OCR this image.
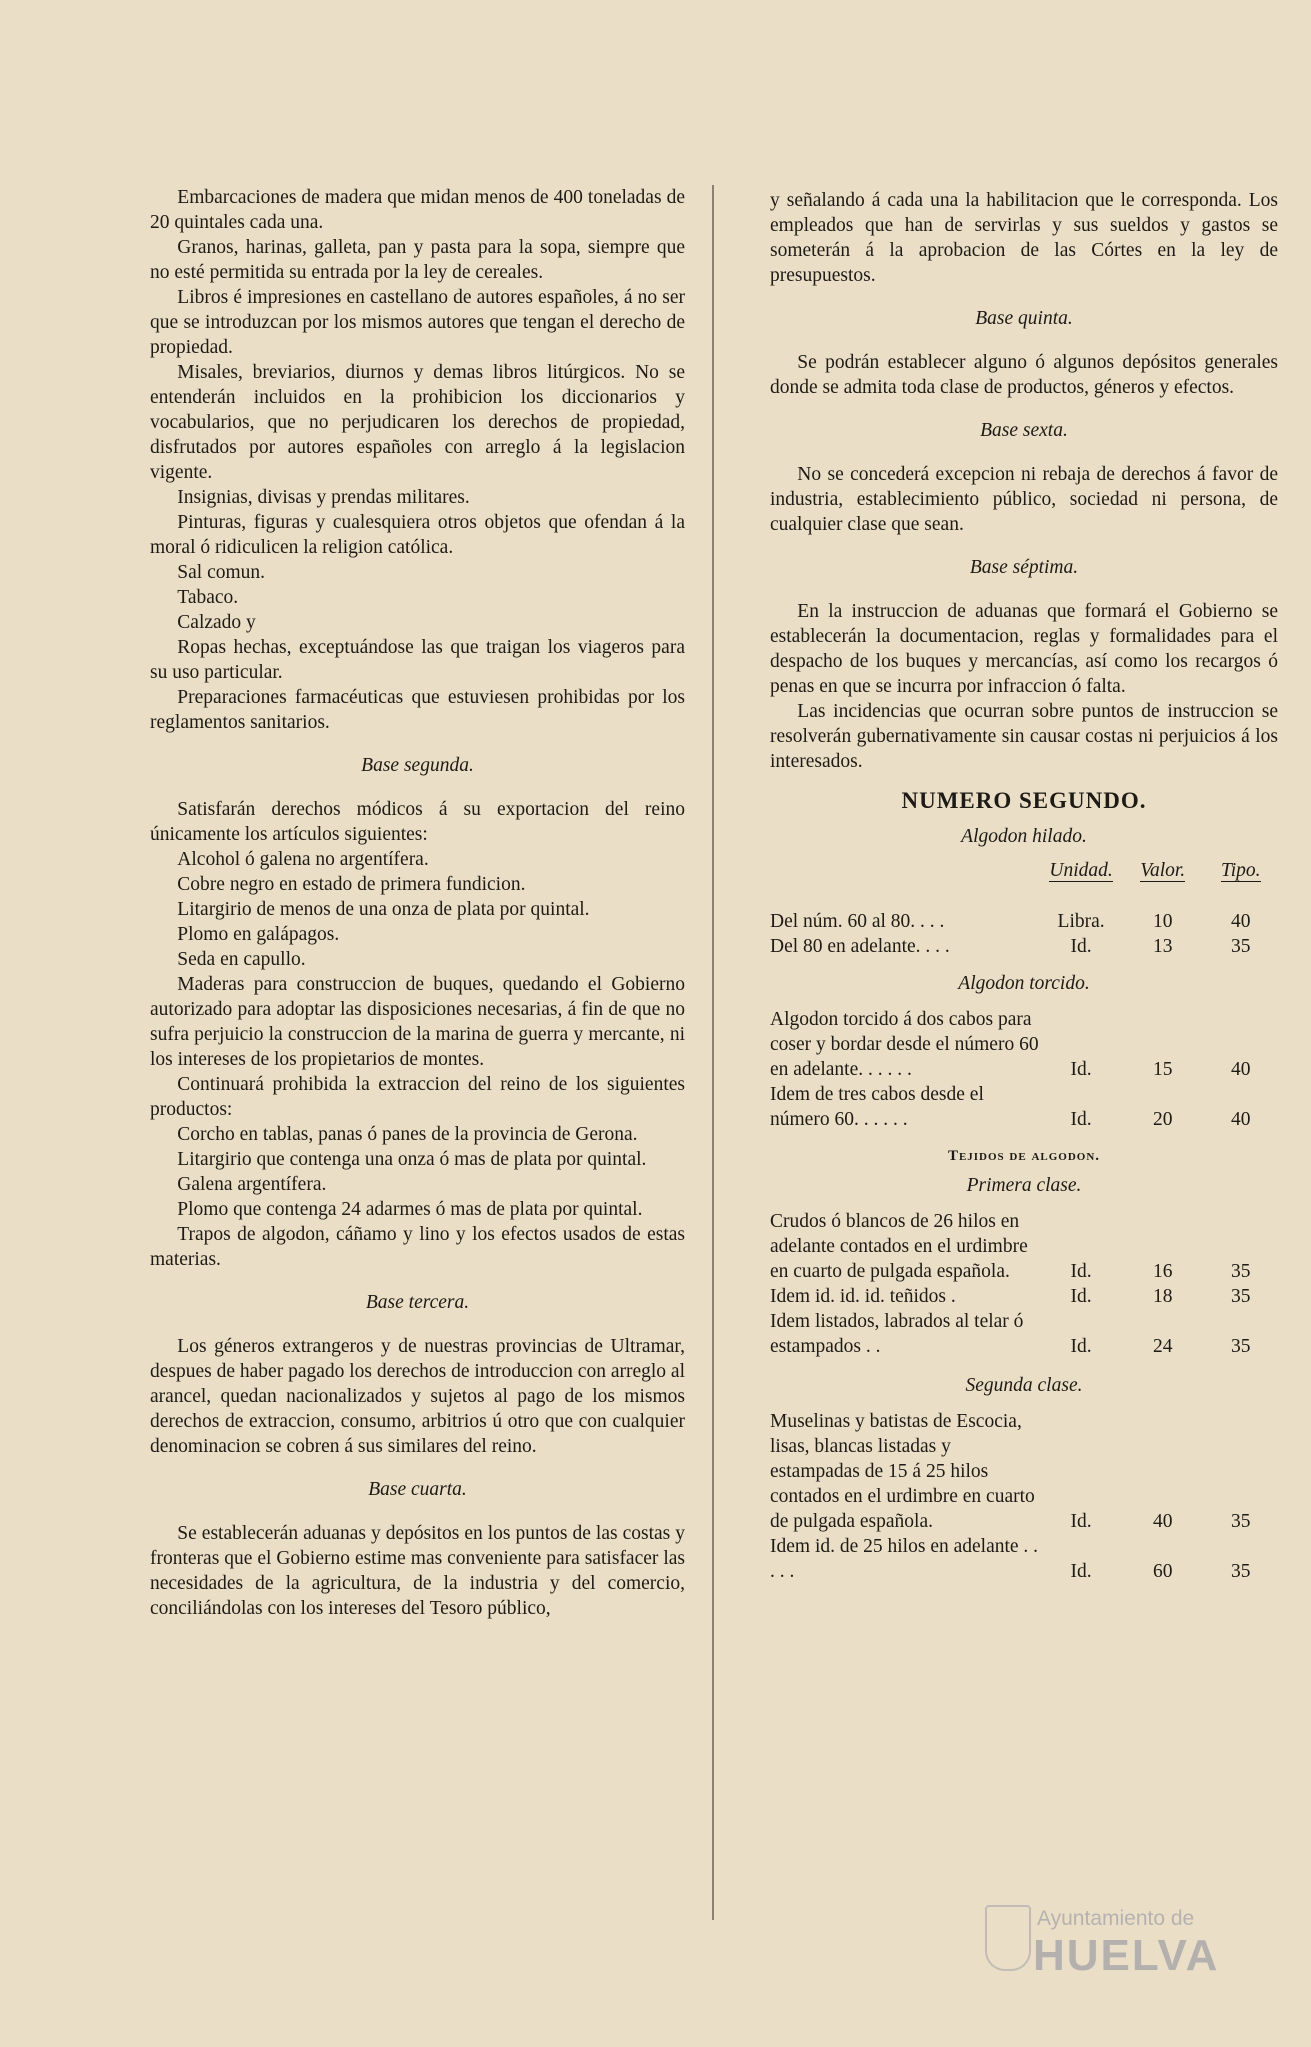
Embarcaciones de madera que midan menos de 400 toneladas de 20 quintales cada una.

Granos, harinas, galleta, pan y pasta para la sopa, siempre que no esté permitida su entrada por la ley de cereales.

Libros é impresiones en castellano de autores españoles, á no ser que se introduzcan por los mismos autores que tengan el derecho de propiedad.

Misales, breviarios, diurnos y demas libros litúrgicos. No se entenderán incluidos en la prohibicion los diccionarios y vocabularios, que no perjudicaren los derechos de propiedad, disfrutados por autores españoles con arreglo á la legislacion vigente.

Insignias, divisas y prendas militares.

Pinturas, figuras y cualesquiera otros objetos que ofendan á la moral ó ridiculicen la religion católica.

Sal comun.

Tabaco.

Calzado y

Ropas hechas, exceptuándose las que traigan los viageros para su uso particular.

Preparaciones farmacéuticas que estuviesen prohibidas por los reglamentos sanitarios.

Base segunda.

Satisfarán derechos módicos á su exportacion del reino únicamente los artículos siguientes:

Alcohol ó galena no argentífera.

Cobre negro en estado de primera fundicion.

Litargirio de menos de una onza de plata por quintal.

Plomo en galápagos.

Seda en capullo.

Maderas para construccion de buques, quedando el Gobierno autorizado para adoptar las disposiciones necesarias, á fin de que no sufra perjuicio la construccion de la marina de guerra y mercante, ni los intereses de los propietarios de montes.

Continuará prohibida la extraccion del reino de los siguientes productos:

Corcho en tablas, panas ó panes de la provincia de Gerona.

Litargirio que contenga una onza ó mas de plata por quintal.

Galena argentífera.

Plomo que contenga 24 adarmes ó mas de plata por quintal.

Trapos de algodon, cáñamo y lino y los efectos usados de estas materias.

Base tercera.

Los géneros extrangeros y de nuestras provincias de Ultramar, despues de haber pagado los derechos de introduccion con arreglo al arancel, quedan nacionalizados y sujetos al pago de los mismos derechos de extraccion, consumo, arbitrios ú otro que con cualquier denominacion se cobren á sus similares del reino.

Base cuarta.

Se establecerán aduanas y depósitos en los puntos de las costas y fronteras que el Gobierno estime mas conveniente para satisfacer las necesidades de la agricultura, de la industria y del comercio, conciliándolas con los intereses del Tesoro público,

y señalando á cada una la habilitacion que le corresponda. Los empleados que han de servirlas y sus sueldos y gastos se someterán á la aprobacion de las Córtes en la ley de presupuestos.

Base quinta.

Se podrán establecer alguno ó algunos depósitos generales donde se admita toda clase de productos, géneros y efectos.

Base sexta.

No se concederá excepcion ni rebaja de derechos á favor de industria, establecimiento público, sociedad ni persona, de cualquier clase que sean.

Base séptima.

En la instruccion de aduanas que formará el Gobierno se establecerán la documentacion, reglas y formalidades para el despacho de los buques y mercancías, así como los recargos ó penas en que se incurra por infraccion ó falta.

Las incidencias que ocurran sobre puntos de instruccion se resolverán gubernativamente sin causar costas ni perjuicios á los interesados.

NUMERO SEGUNDO.
Algodon hilado.
	Unidad.	Valor.	Tipo.

Del núm. 60 al 80. . . .	Libra.	10	40
Del 80 en adelante. . . .	Id.	13	35
Algodon torcido.
Algodon torcido á dos cabos para coser y bordar desde el número 60 en adelante. . . . . .	Id.	15	40
Idem de tres cabos desde el número 60. . . . . .	Id.	20	40
Tejidos de algodon.
Primera clase.
Crudos ó blancos de 26 hilos en adelante contados en el urdimbre en cuarto de pulgada española.	Id.	16	35
Idem id. id. id. teñidos .	Id.	18	35
Idem listados, labrados al telar ó estampados . .	Id.	24	35
Segunda clase.
Muselinas y batistas de Escocia, lisas, blancas listadas y estampadas de 15 á 25 hilos contados en el urdimbre en cuarto de pulgada española.	Id.	40	35
Idem id. de 25 hilos en adelante . . . . .	Id.	60	35
Ayuntamiento de
HUELVA
